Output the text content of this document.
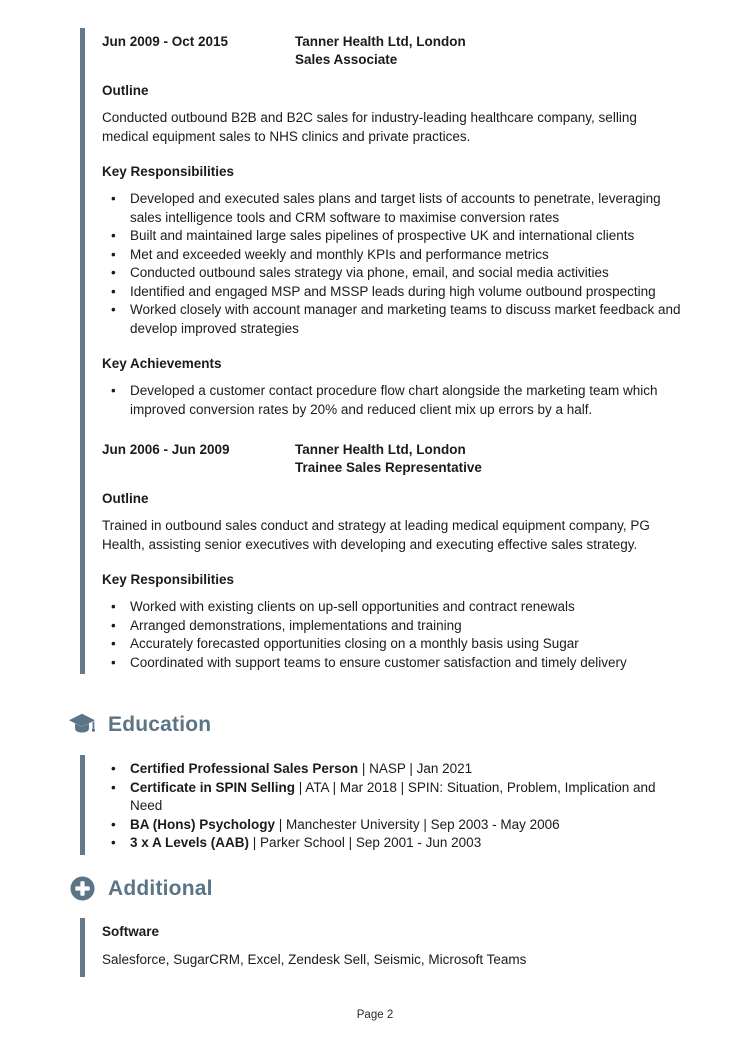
Jun 2009 - Oct 2015	Tanner Health Ltd, London
Sales Associate
Outline

Conducted outbound B2B and B2C sales for industry-leading healthcare company, selling medical equipment sales to NHS clinics and private practices.

Key Responsibilities
• Developed and executed sales plans and target lists of accounts to penetrate, leveraging sales intelligence tools and CRM software to maximise conversion rates
• Built and maintained large sales pipelines of prospective UK and international clients
• Met and exceeded weekly and monthly KPIs and performance metrics
• Conducted outbound sales strategy via phone, email, and social media activities
• Identified and engaged MSP and MSSP leads during high volume outbound prospecting
• Worked closely with account manager and marketing teams to discuss market feedback and develop improved strategies
Key Achievements
• Developed a customer contact procedure flow chart alongside the marketing team which improved conversion rates by 20% and reduced client mix up errors by a half.
Jun 2006 - Jun 2009	Tanner Health Ltd, London
Trainee Sales Representative
Outline

Trained in outbound sales conduct and strategy at leading medical equipment company, PG Health, assisting senior executives with developing and executing effective sales strategy.

Key Responsibilities
• Worked with existing clients on up-sell opportunities and contract renewals
• Arranged demonstrations, implementations and training
• Accurately forecasted opportunities closing on a monthly basis using Sugar
• Coordinated with support teams to ensure customer satisfaction and timely delivery
Education
• Certified Professional Sales Person | NASP | Jan 2021
• Certificate in SPIN Selling | ATA | Mar 2018 | SPIN: Situation, Problem, Implication and Need
• BA (Hons) Psychology | Manchester University | Sep 2003 - May 2006
• 3 x A Levels (AAB) | Parker School | Sep 2001 - Jun 2003
Additional
Software
Salesforce, SugarCRM, Excel, Zendesk Sell, Seismic, Microsoft Teams
Page 2
